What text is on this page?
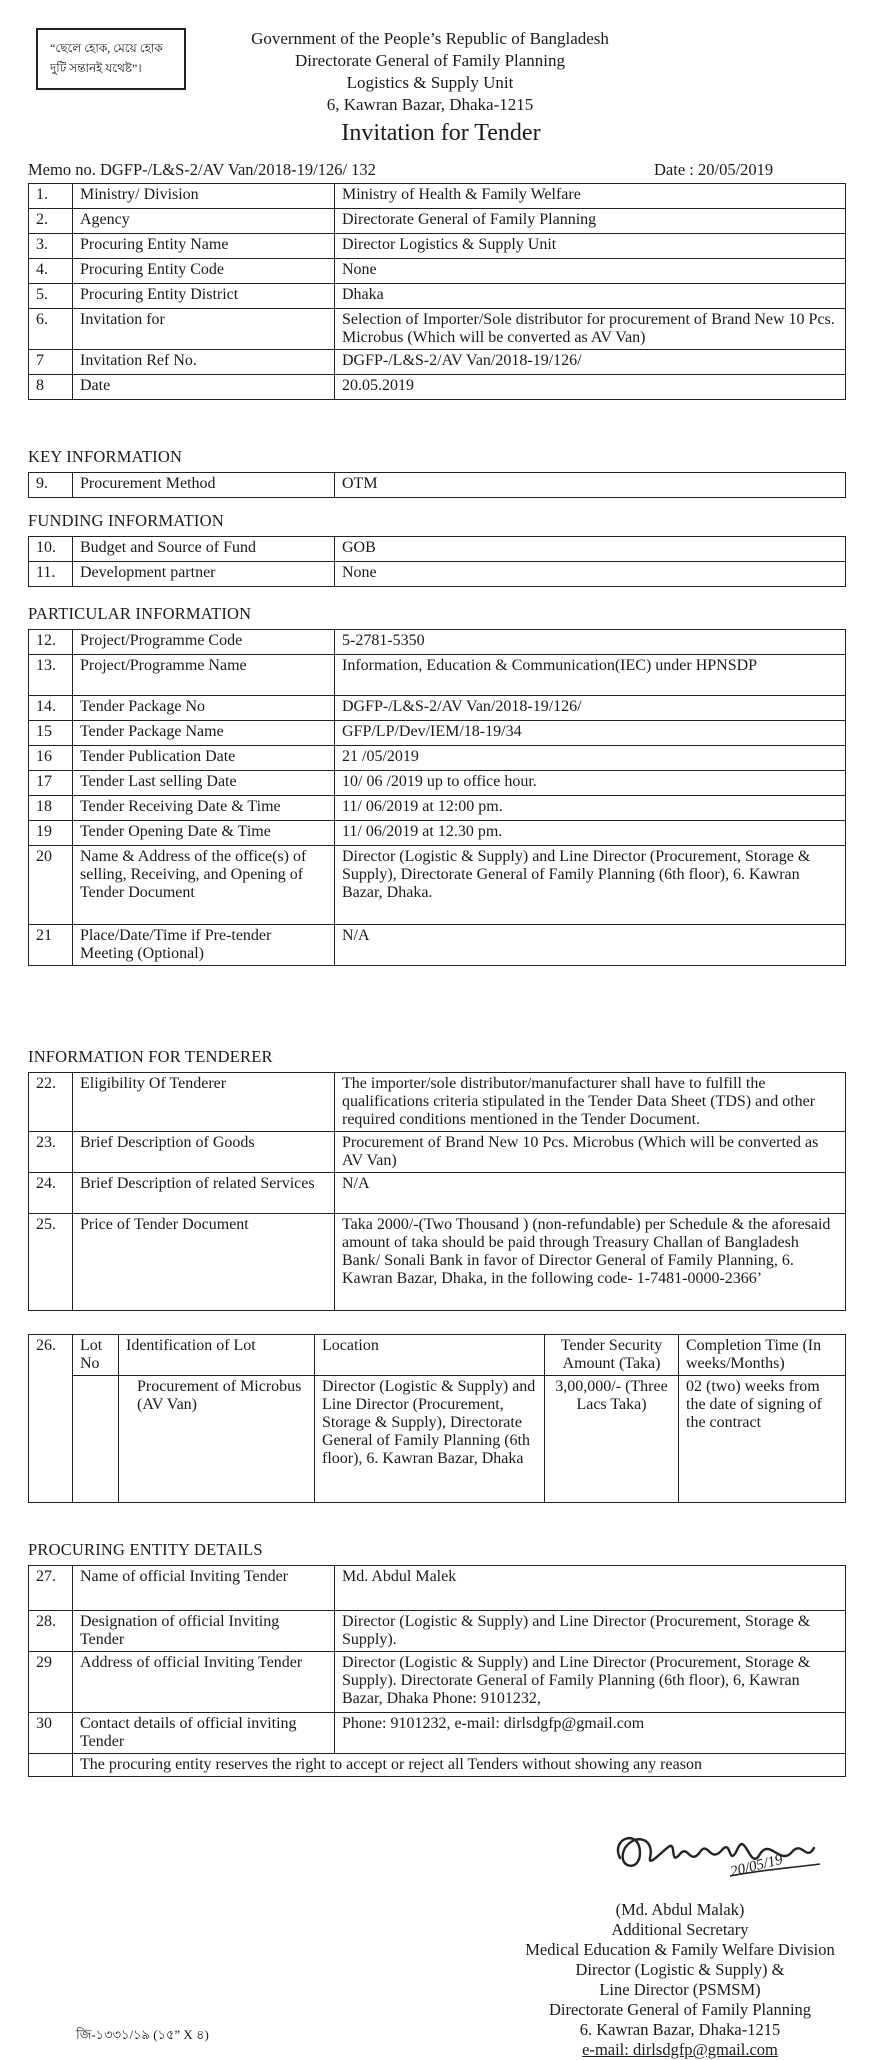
“ছেলে হোক, মেয়ে হোক
দুটি সন্তানই যথেষ্ট”।
Government of the People’s Republic of Bangladesh
Directorate General of Family Planning
Logistics & Supply Unit
6, Kawran Bazar, Dhaka-1215
Invitation for Tender
Memo no. DGFP-/L&S-2/AV Van/2018-19/126/ 132	Date : 20/05/2019
1.	Ministry/ Division	Ministry of Health & Family Welfare
2.	Agency	Directorate General of Family Planning
3.	Procuring Entity Name	Director Logistics & Supply Unit
4.	Procuring Entity Code	None
5.	Procuring Entity District	Dhaka
6.	Invitation for	Selection of Importer/Sole distributor for procurement of Brand New 10 Pcs. Microbus (Which will be converted as AV Van)
7	Invitation Ref No.	DGFP-/L&S-2/AV Van/2018-19/126/
8	Date	20.05.2019
KEY INFORMATION
9.	Procurement Method	OTM
FUNDING INFORMATION
10.	Budget and Source of Fund	GOB
11.	Development partner	None
PARTICULAR INFORMATION
12.	Project/Programme Code	5-2781-5350
13.	Project/Programme Name	Information, Education & Communication(IEC) under HPNSDP
14.	Tender Package No	DGFP-/L&S-2/AV Van/2018-19/126/
15	Tender Package Name	GFP/LP/Dev/IEM/18-19/34
16	Tender Publication Date	21 /05/2019
17	Tender Last selling Date	10/ 06 /2019 up to office hour.
18	Tender Receiving Date & Time	11/ 06/2019 at 12:00 pm.
19	Tender Opening Date & Time	11/ 06/2019 at 12.30 pm.
20	Name & Address of the office(s) of selling, Receiving, and Opening of Tender Document	Director (Logistic & Supply) and Line Director (Procurement, Storage & Supply), Directorate General of Family Planning (6th floor), 6. Kawran Bazar, Dhaka.
21	Place/Date/Time if Pre-tender Meeting (Optional)	N/A
INFORMATION FOR TENDERER
22.	Eligibility Of Tenderer	The importer/sole distributor/manufacturer shall have to fulfill the qualifications criteria stipulated in the Tender Data Sheet (TDS) and other required conditions mentioned in the Tender Document.
23.	Brief Description of Goods	Procurement of Brand New 10 Pcs. Microbus (Which will be converted as AV Van)
24.	Brief Description of related Services	N/A
25.	Price of Tender Document	Taka 2000/-(Two Thousand ) (non-refundable) per Schedule & the aforesaid amount of taka should be paid through Treasury Challan of Bangladesh Bank/ Sonali Bank in favor of Director General of Family Planning, 6. Kawran Bazar, Dhaka, in the following code- 1-7481-0000-2366’
26.	Lot No	Identification of Lot	Location	Tender Security Amount (Taka)	Completion Time (In weeks/Months)
		Procurement of Microbus (AV Van)	Director (Logistic & Supply) and Line Director (Procurement, Storage & Supply), Directorate General of Family Planning (6th floor), 6. Kawran Bazar, Dhaka	3,00,000/- (Three Lacs Taka)	02 (two) weeks from the date of signing of the contract
PROCURING ENTITY DETAILS
27.	Name of official Inviting Tender	Md. Abdul Malek
28.	Designation of official Inviting Tender	Director (Logistic & Supply) and Line Director (Procurement, Storage & Supply).
29	Address of official Inviting Tender	Director (Logistic & Supply) and Line Director (Procurement, Storage & Supply). Directorate General of Family Planning (6th floor), 6, Kawran Bazar, Dhaka Phone: 9101232,
30	Contact details of official inviting Tender	Phone: 9101232, e-mail: dirlsdgfp@gmail.com
	The procuring entity reserves the right to accept or reject all Tenders without showing any reason	
20/05/19
(Md. Abdul Malak)
Additional Secretary
Medical Education & Family Welfare Division
Director (Logistic & Supply) &
Line Director (PSMSM)
Directorate General of Family Planning
6. Kawran Bazar, Dhaka-1215
e-mail: dirlsdgfp@gmail.com
জি-১৩৩১/১৯ (১৫” X ৪)
